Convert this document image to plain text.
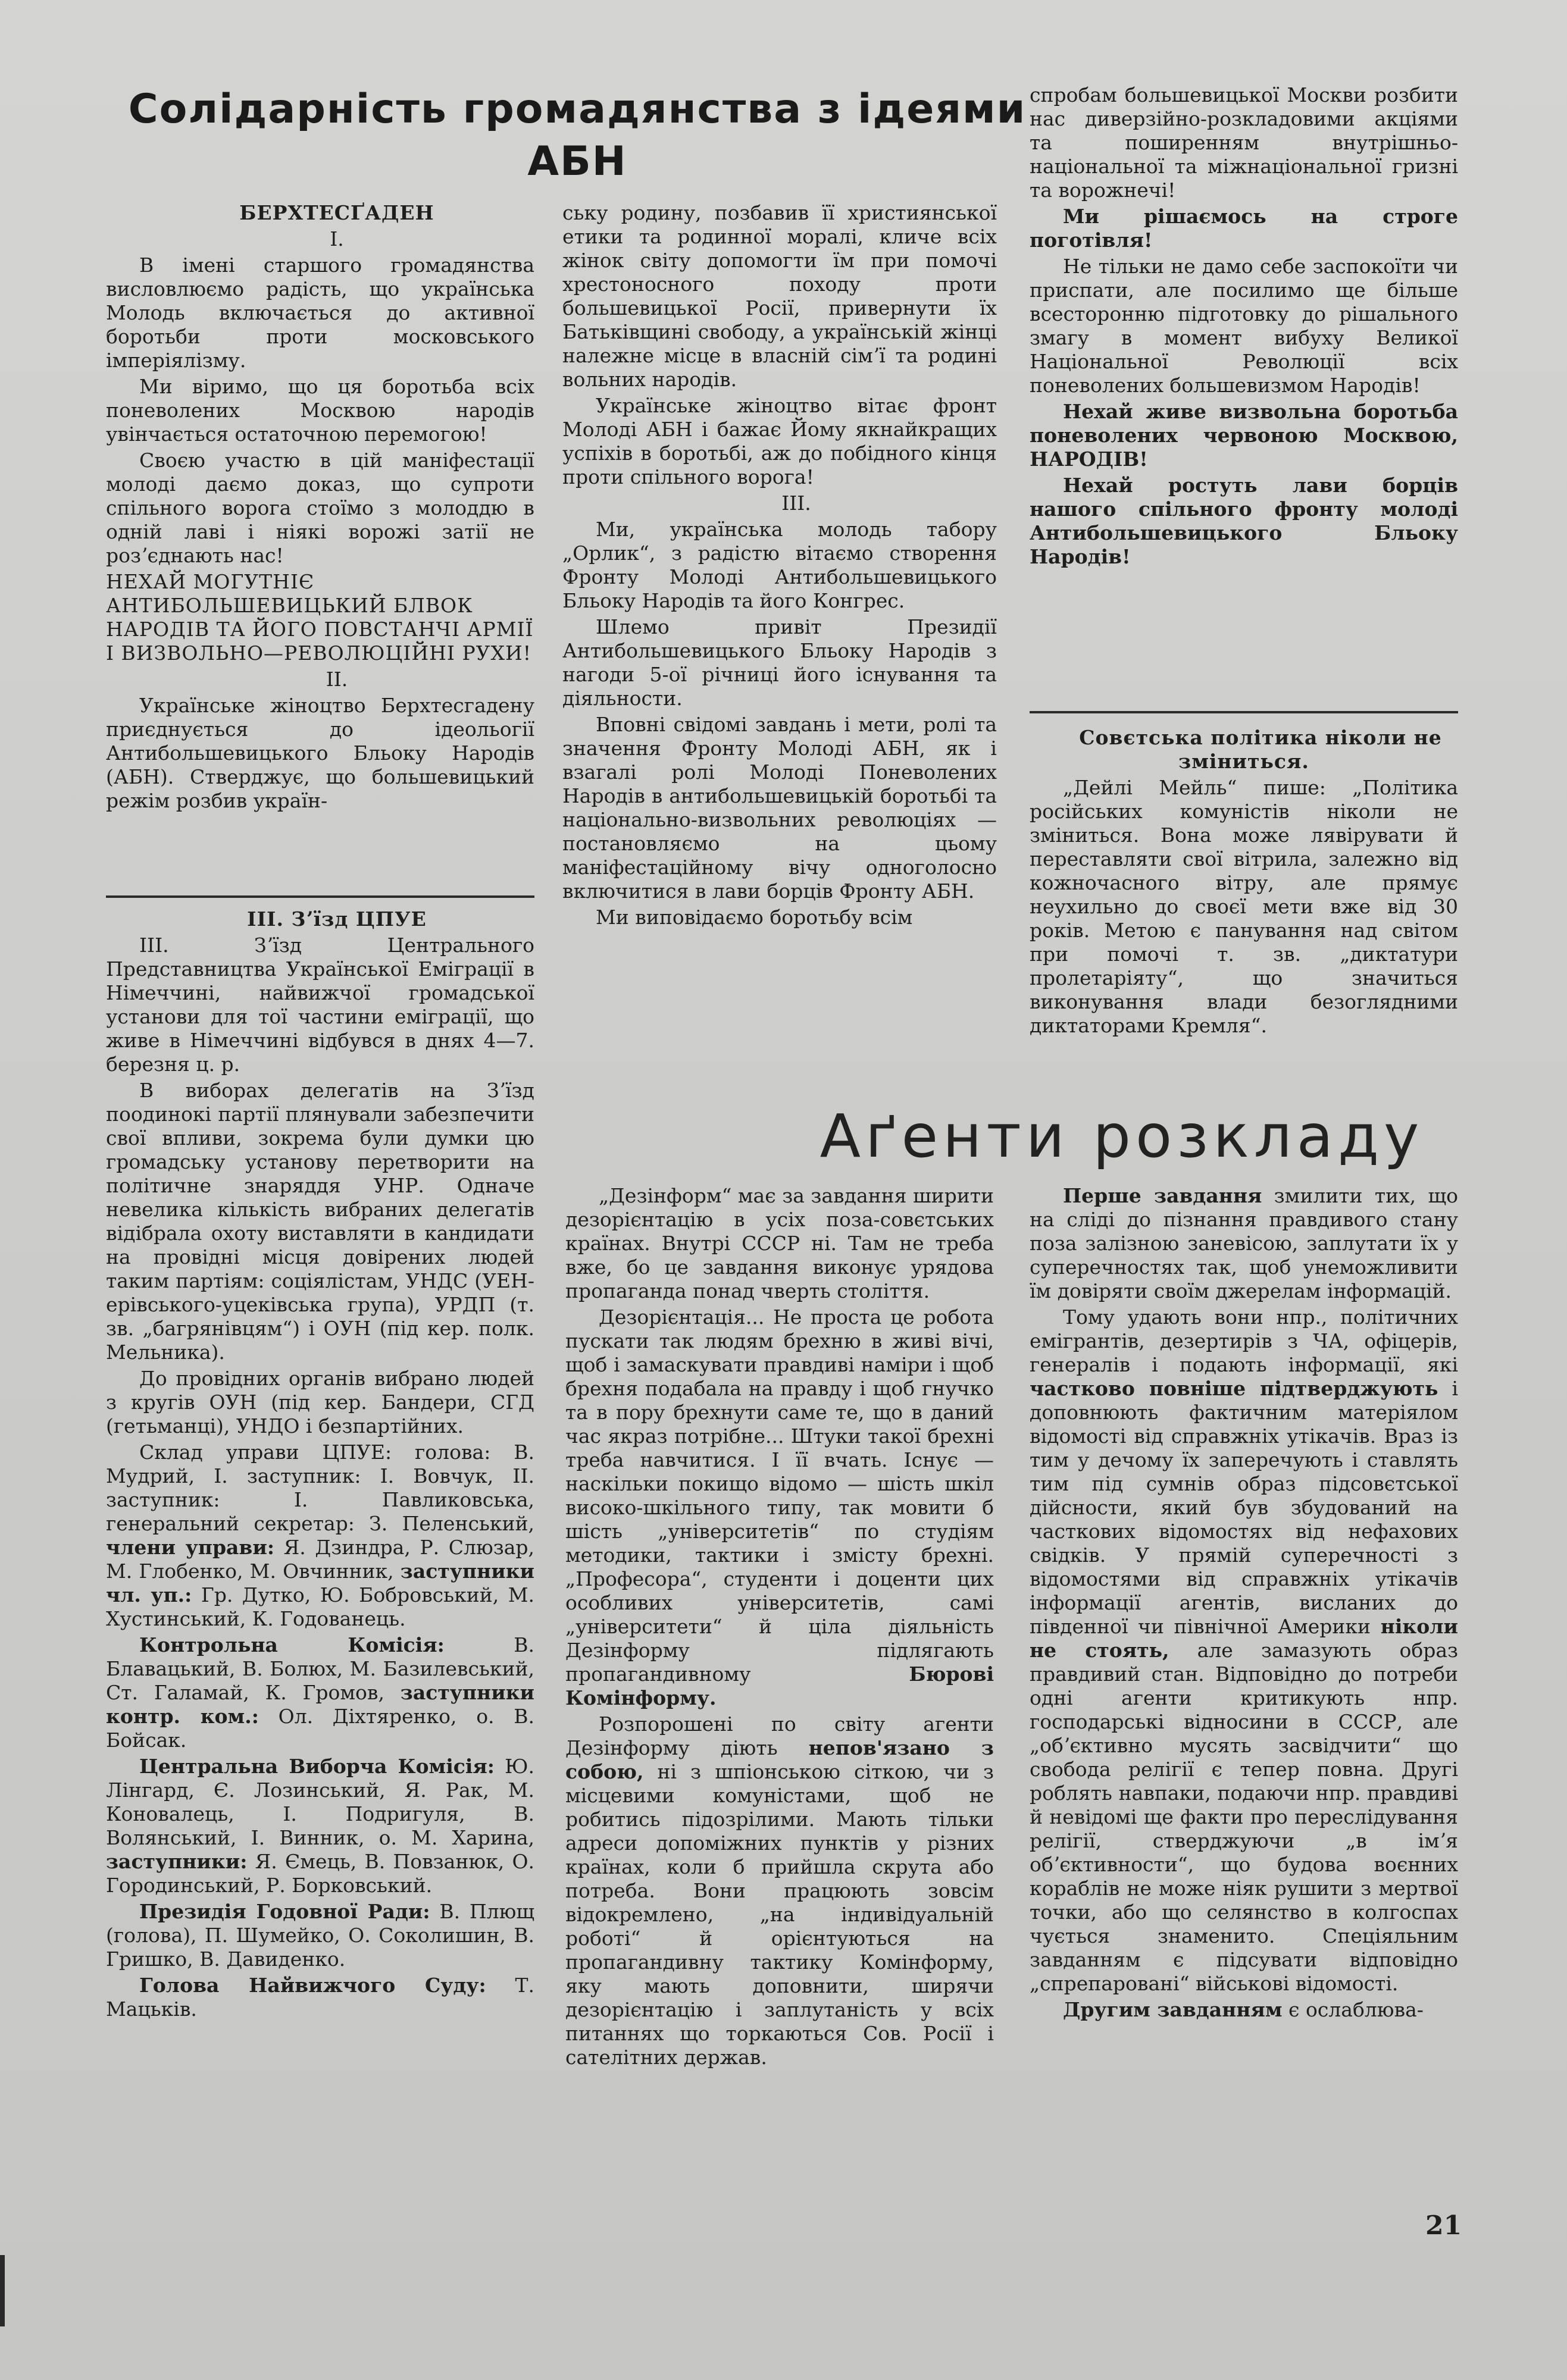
Солідарність громадянства з ідеями АБН

БЕРХТЕСҐАДЕН

I.

В імені старшого громадянства висловлюємо радість, що українська Молодь включається до активної боротьби проти московського імперіялізму.

Ми віримо, що ця боротьба всіх поневолених Москвою народів увінчається остаточною перемогою!

Своєю участю в цій маніфестації молоді даємо доказ, що супроти спільного ворога стоїмо з молоддю в одній лаві і ніякі ворожі затії не розʼєднають нас!

НЕХАЙ МОГУТНІЄ АНТИБОЛЬШЕВИЦЬКИЙ БЛВОК НАРОДІВ ТА ЙОГО ПОВСТАНЧІ АРМІЇ І ВИЗВОЛЬНО—РЕВОЛЮЦІЙНІ РУХИ!

II.

Українське жіноцтво Берхтесгадену приєднується до ідеольогії Антибольшевицького Бльоку Народів (АБН). Стверджує, що большевицький режім розбив україн-

III. Зʼїзд ЦПУЕ

III. Зʼїзд Центрального Представництва Української Еміграції в Німеччині, найвижчої громадської установи для тої частини еміграції, що живе в Німеччині відбувся в днях 4—7. березня ц. р.

В виборах делегатів на Зʼїзд поодинокі партії плянували забезпечити свої впливи, зокрема були думки цю громадську установу перетворити на політичне знаряддя УНР. Одначе невелика кількість вибраних делегатів відібрала охоту виставляти в кандидати на провідні місця довірених людей таким партіям: соціялістам, УНДС (УЕН-ерівського-уцеківська група), УРДП (т. зв. „багрянівцям“) і ОУН (під кер. полк. Мельника).

До провідних органів вибрано людей з кругів ОУН (під кер. Бандери, СГД (гетьманці), УНДО і безпартійних.

Склад управи ЦПУЕ: голова: В. Мудрий, I. заступник: I. Вовчук, II. заступник: I. Павликовська, генеральний секретар: З. Пеленський, члени управи: Я. Дзиндра, Р. Слюзар, М. Глобенко, М. Овчинник, заступники чл. уп.: Гр. Дутко, Ю. Бобровський, М. Хустинський, К. Годованець.

Контрольна Комісія: В. Блавацький, В. Болюх, М. Базилевський, Ст. Галамай, К. Громов, заступники контр. ком.: Ол. Діхтяренко, о. В. Бойсак.

Центральна Виборча Комісія: Ю. Лінгард, Є. Лозинський, Я. Рак, М. Коновалець, I. Подригуля, В. Волянський, I. Винник, о. М. Харина, заступники: Я. Ємець, В. Повзанюк, О. Городинський, Р. Борковський.

Президія Годовної Ради: В. Плющ (голова), П. Шумейко, О. Соколишин, В. Гришко, В. Давиденко.

Голова Найвижчого Суду: Т. Мацьків.

ську родину, позбавив її християнської етики та родинної моралі, кличе всіх жінок світу допомогти їм при помочі хрестоносного походу проти большевицької Росії, привернути їх Батьківщині свободу, а українській жінці належне місце в власній сімʼї та родині вольних народів.

Українське жіноцтво вітає фронт Молоді АБН і бажає Йому якнайкращих успіхів в боротьбі, аж до побідного кінця проти спільного ворога!

III.

Ми, українська молодь табору „Орлик“, з радістю вітаємо створення Фронту Молоді Антибольшевицького Бльоку Народів та його Конгрес.

Шлемо привіт Президії Антибольшевицького Бльоку Народів з нагоди 5-ої річниці його існування та діяльности.

Вповні свідомі завдань і мети, ролі та значення Фронту Молоді АБН, як і взагалі ролі Молоді Поневолених Народів в антибольшевицькій боротьбі та національно-визвольних революціях — постановляємо на цьому маніфестаційному вічу одноголосно включитися в лави борців Фронту АБН.

Ми виповідаємо боротьбу всім

спробам большевицької Москви розбити нас диверзійно-розкладовими акціями та поширенням внутрішньо-національної та міжнаціональної гризні та ворожнечі!

Ми рішаємось на строге поготівля!

Не тільки не дамо себе заспокоїти чи приспати, але посилимо ще більше всесторонню підготовку до рішального змагу в момент вибуху Великої Національної Революції всіх поневолених большевизмом Народів!

Нехай живе визвольна боротьба поневолених червоною Москвою, НАРОДІВ!

Нехай ростуть лави борців нашого спільного фронту молоді Антибольшевицького Бльоку Народів!

Совєтська політика ніколи не зміниться.

„Дейлі Мейль“ пише: „Політика російських комуністів ніколи не зміниться. Вона може лявірувати й переставляти свої вітрила, залежно від кожночасного вітру, але прямує неухильно до своєї мети вже від 30 років. Метою є панування над світом при помочі т. зв. „диктатури пролетаріяту“, що значиться виконування влади безоглядними диктаторами Кремля“.

Аґенти розкладу

„Дезінформ“ має за завдання ширити дезорієнтацію в усіх поза-совєтських країнах. Внутрі СССР ні. Там не треба вже, бо це завдання виконує урядова пропаганда понад чверть століття.

Дезорієнтація... Не проста це робота пускати так людям брехню в живі вічі, щоб і замаскувати правдиві наміри і щоб брехня подабала на правду і щоб гнучко та в пору брехнути саме те, що в даний час якраз потрібне... Штуки такої брехні треба навчитися. І її вчать. Існує — наскільки покищо відомо — шість шкіл високо-шкільного типу, так мовити б шість „університетів“ по студіям методики, тактики і змісту брехні. „Професора“, студенти і доценти цих особливих університетів, самі „університети“ й ціла діяльність Дезінформу підлягають пропагандивному Бюрові Комінформу.

Розпорошені по світу агенти Дезінформу діють непов'язано з собою, ні з шпіонською сіткою, чи з місцевими комуністами, щоб не робитись підозрілими. Мають тільки адреси допоміжних пунктів у різних країнах, коли б прийшла скрута або потреба. Вони працюють зовсім відокремлено, „на індивідуальній роботі“ й орієнтуються на пропагандивну тактику Комінформу, яку мають доповнити, ширячи дезорієнтацію і заплутаність у всіх питаннях що торкаються Сов. Росії і сателітних держав.

Перше завдання змилити тих, що на сліді до пізнання правдивого стану поза залізною заневісою, заплутати їх у суперечностях так, щоб унеможливити їм довіряти своїм джерелам інформацій.

Тому удають вони нпр., політичних емігрантів, дезертирів з ЧА, офіцерів, генералів і подають інформації, які частково повніше підтверджують і доповнюють фактичним матеріялом відомості від справжніх утікачів. Враз із тим у дечому їх заперечують і ставлять тим під сумнів образ підсовєтської дійсности, який був збудований на часткових відомостях від нефахових свідків. У прямій суперечності з відомостями від справжніх утікачів інформації агентів, висланих до південної чи північної Америки ніколи не стоять, але замазують образ правдивий стан. Відповідно до потреби одні агенти критикують нпр. господарські відносини в СССР, але „обʼєктивно мусять засвідчити“ що свобода релігії є тепер повна. Другі роблять навпаки, подаючи нпр. правдиві й невідомі ще факти про переслідування релігії, стверджуючи „в імʼя обʼєктивности“, що будова воєнних кораблів не може ніяк рушити з мертвої точки, або що селянство в колгоспах чується знаменито. Спеціяльним завданням є підсувати відповідно „спрепаровані“ військові відомості.

Другим завданням є ослаблюва-

21
